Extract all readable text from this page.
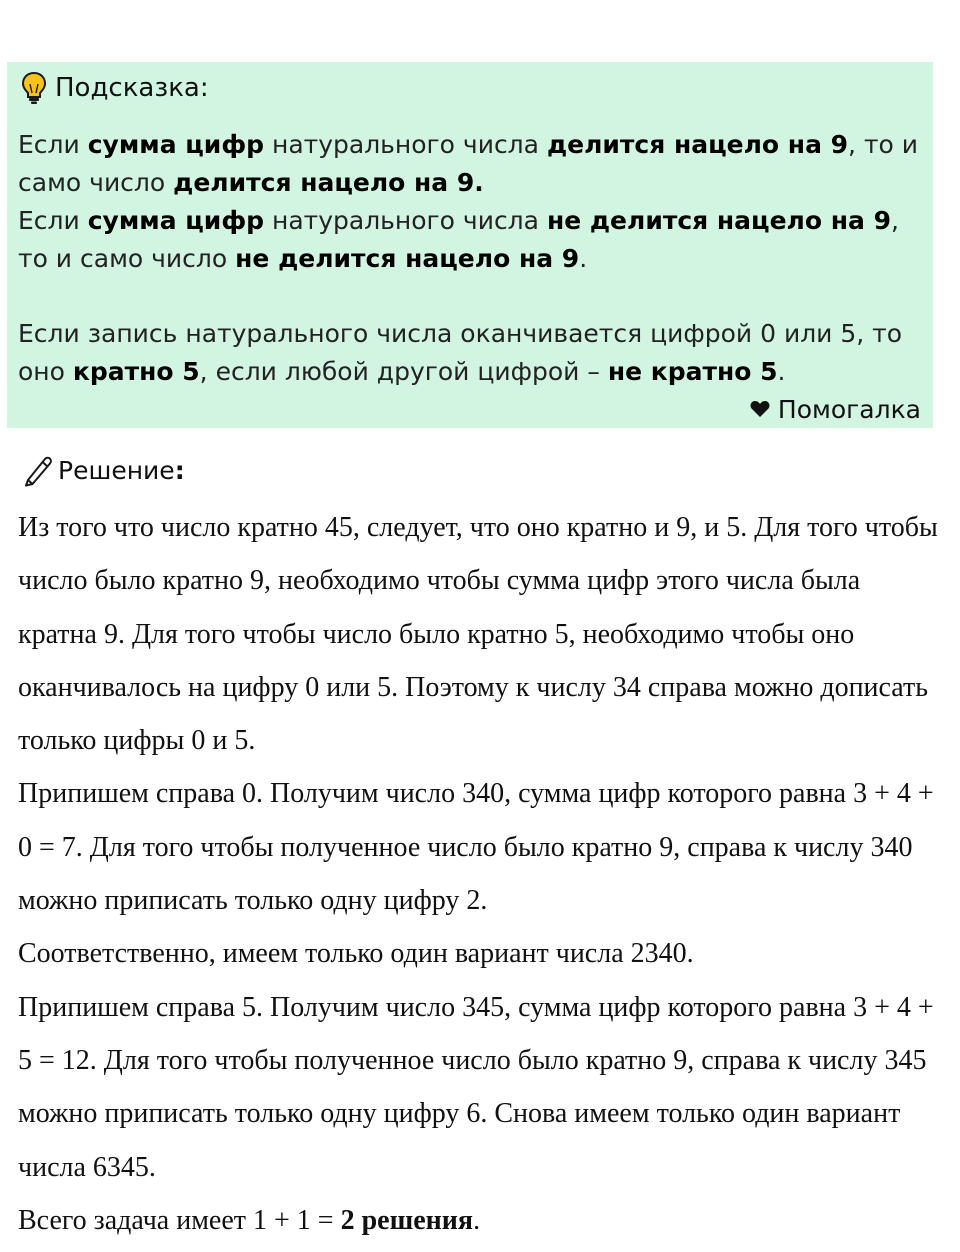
Подсказка:

Если сумма цифр натурального числа делится нацело на 9, то и само число делится нацело на 9.

Если сумма цифр натурального числа не делится нацело на 9, то и само число не делится нацело на 9.

Если запись натурального числа оканчивается цифрой 0 или 5, то оно кратно 5, если любой другой цифрой – не кратно 5.

Помогалка
Решение :

Из того что число кратно 45, следует, что оно кратно и 9, и 5. Для того чтобы число было кратно 9, необходимо чтобы сумма цифр этого числа была кратна 9. Для того чтобы число было кратно 5, необходимо чтобы оно оканчивалось на цифру 0 или 5. Поэтому к числу 34 справа можно дописать только цифры 0 и 5.

Припишем справа 0. Получим число 340, сумма цифр которого равна 3 + 4 + 0 = 7. Для того чтобы полученное число было кратно 9, справа к числу 340 можно приписать только одну цифру 2.

Соответственно, имеем только один вариант числа 2340.

Припишем справа 5. Получим число 345, сумма цифр которого равна 3 + 4 + 5 = 12. Для того чтобы полученное число было кратно 9, справа к числу 345 можно приписать только одну цифру 6. Снова имеем только один вариант числа 6345.

Всего задача имеет 1 + 1 = 2 решения.
